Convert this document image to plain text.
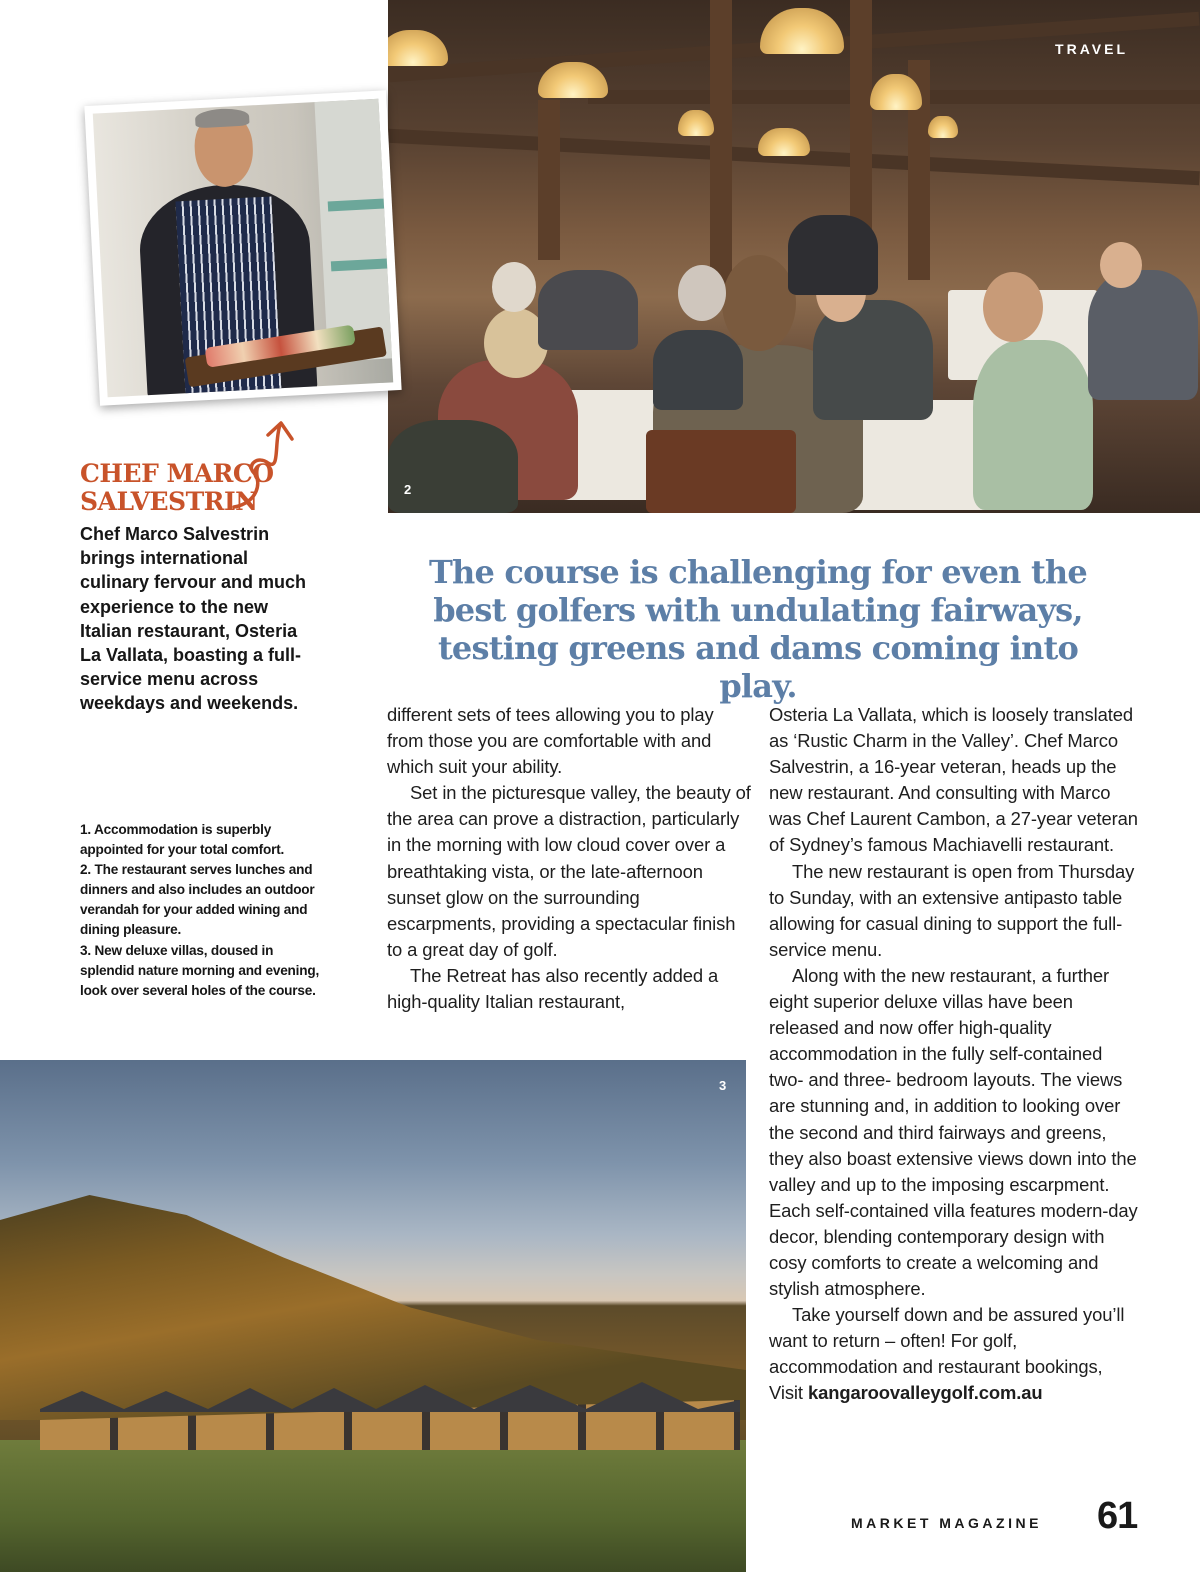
TRAVEL
2
CHEF MARCO
SALVESTRIN
Chef Marco Salvestrin brings international culinary fervour and much experience to the new Italian restaurant, Osteria La Vallata, boasting a full-service menu across weekdays and weekends.
1. Accommodation is superbly appointed for your total comfort.
2. The restaurant serves lunches and dinners and also includes an outdoor verandah for your added wining and dining pleasure.
3. New deluxe villas, doused in splendid nature morning and evening, look over several holes of the course.
The course is challenging for even the best golfers with undulating fairways, testing greens and dams coming into play.

different sets of tees allowing you to play from those you are comfortable with and which suit your ability.

Set in the picturesque valley, the beauty of the area can prove a distraction, particularly in the morning with low cloud cover over a breathtaking vista, or the late-afternoon sunset glow on the surrounding escarpments, providing a spectacular finish to a great day of golf.

The Retreat has also recently added a high-quality Italian restaurant,

Osteria La Vallata, which is loosely translated as ‘Rustic Charm in the Valley’. Chef Marco Salvestrin, a 16-year veteran, heads up the new restaurant. And consulting with Marco was Chef Laurent Cambon, a 27-year veteran of Sydney’s famous Machiavelli restaurant.

The new restaurant is open from Thursday to Sunday, with an extensive antipasto table allowing for casual dining to support the full-service menu.

Along with the new restaurant, a further eight superior deluxe villas have been released and now offer high-quality accommodation in the fully self-contained two- and three- bedroom layouts. The views are stunning and, in addition to looking over the second and third fairways and greens, they also boast extensive views down into the valley and up to the imposing escarpment. Each self-contained villa features modern-day decor, blending contemporary design with cosy comforts to create a welcoming and stylish atmosphere.

Take yourself down and be assured you’ll want to return – often! For golf, accommodation and restaurant bookings, Visit kangaroovalleygolf.com.au

3
MARKET MAGAZINE 61
